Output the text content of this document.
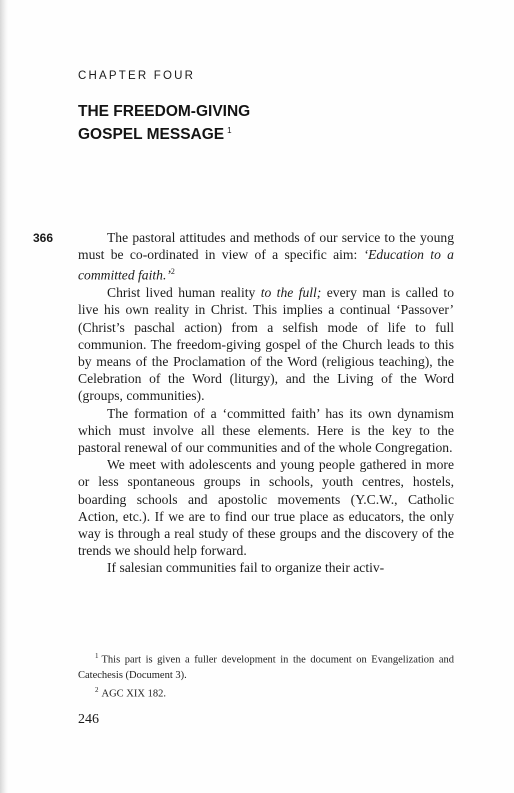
CHAPTER FOUR
THE FREEDOM-GIVING
GOSPEL MESSAGE $^1$
366	The pastoral attitudes and methods of our service to the young must be co-ordinated in view of a specific aim: ‘Education to a committed faith.’$^2$

Christ lived human reality to the full; every man is called to live his own reality in Christ. This implies a continual ‘Passover’ (Christ’s paschal action) from a selfish mode of life to full communion. The freedom-giving gospel of the Church leads to this by means of the Proclamation of the Word (religious teaching), the Celebration of the Word (liturgy), and the Living of the Word (groups, communities).

The formation of a ‘committed faith’ has its own dynamism which must involve all these elements. Here is the key to the pastoral renewal of our communities and of the whole Congregation.

We meet with adolescents and young people gathered in more or less spontaneous groups in schools, youth centres, hostels, boarding schools and apostolic movements (Y.C.W., Catholic Action, etc.). If we are to find our true place as educators, the only way is through a real study of these groups and the discovery of the trends we should help forward.

If salesian communities fail to organize their activ-

$^1$ This part is given a fuller development in the document on Evangelization and Catechesis (Document 3).

$^2$ AGC XIX 182.

246
